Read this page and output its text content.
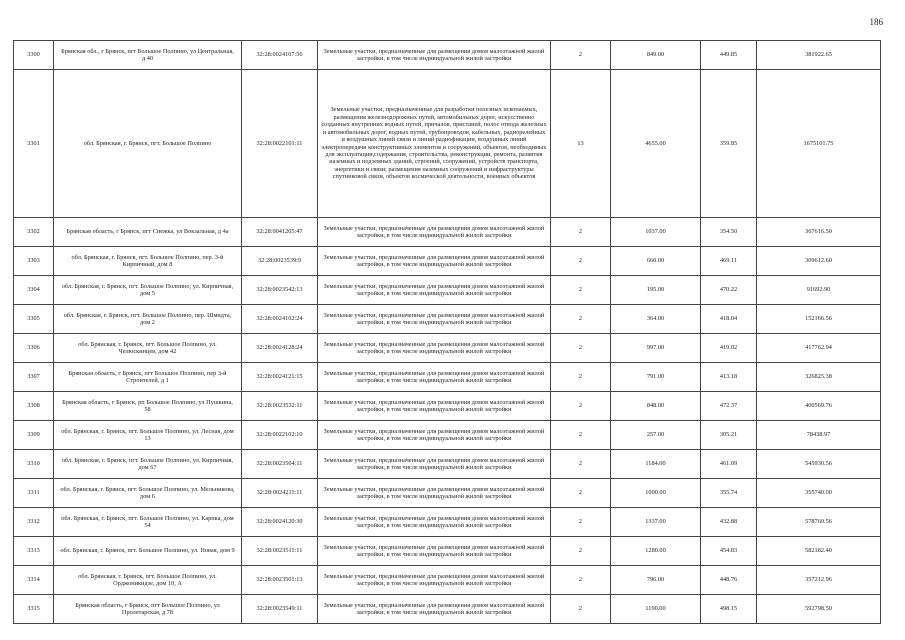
186
3300	Брянская обл., г Брянск, пгт Большое Полпино, ул Центральная, д 40	32:28:0024107:56	Земельные участки, предназначенные для размещения домов малоэтажной жилой застройки, в том числе индивидуальной жилой застройки	2	849.00	449.85	381922.65
3301	обл. Брянская, г. Брянск, пгт. Большое Полпино	32:28:0022101:11	Земельные участки, предназначенные для разработки полезных ископаемых, размещения железнодорожных путей, автомобильных дорог, искусственно созданных внутренних водных путей, причалов, пристаней, полос отвода железных и автомобильных дорог, водных путей, трубопроводов, кабельных, радиорелейных и воздушных линий связи и линий радиофикации, воздушных линий электропередачи конструктивных элементов и сооружений, объектов, необходимых для эксплуатации,содержания, строительства, реконструкции, ремонта, развития наземных и подземных зданий, строений, сооружений, устройств транспорта, энергетики и связи; размещения наземных сооружений и инфраструктуры спутниковой связи, объектов космической деятельности, военных объектов	13	4655.00	359.85	1675101.75
3302	Брянская область, г Брянск, пгт Снежка, ул Вокзальная, д 4а	32:28:0041205:47	Земельные участки, предназначенные для размещения домов малоэтажной жилой застройки, в том числе индивидуальной жилой застройки	2	1037.00	354.50	367616.50
3303	обл. Брянская, г. Брянск, пгт. Большое Полпино, пер. 3-й Кирпичный, дом 8	32:28:0023539:9	Земельные участки, предназначенные для размещения домов малоэтажной жилой застройки, в том числе индивидуальной жилой застройки	2	660.00	469.11	309612.60
3304	обл. Брянская, г. Брянск, пгт. Большое Полпино, ул. Кирпичная, дом 5	32:28:0023542:13	Земельные участки, предназначенные для размещения домов малоэтажной жилой застройки, в том числе индивидуальной жилой застройки	2	195.00	470.22	91692.90
3305	обл. Брянская, г. Брянск, пгт. Большое Полпино, пер. Шмидта, дом 2	32:28:0024102:24	Земельные участки, предназначенные для размещения домов малоэтажной жилой застройки, в том числе индивидуальной жилой застройки	2	364.00	418.04	152166.56
3306	обл. Брянская, г. Брянск, пгт. Большое Полпино, ул. Челюскинцев, дом 42	32:28:0024128:24	Земельные участки, предназначенные для размещения домов малоэтажной жилой застройки, в том числе индивидуальной жилой застройки	2	997.00	419.02	417762.94
3307	Брянская область, г Брянск, пгт Большое Полпино, пер 3-й Строителей, д 1	32:28:0024121:15	Земельные участки, предназначенные для размещения домов малоэтажной жилой застройки, в том числе индивидуальной жилой застройки	2	791.00	413.18	326825.38
3308	Брянская область, г Брянск, рп Большое Полпино, ул Пушкина, 58	32:28:0023532:11	Земельные участки, предназначенные для размещения домов малоэтажной жилой застройки, в том числе индивидуальной жилой застройки	2	848.00	472.37	400569.76
3309	обл. Брянская, г. Брянск, пгт. Большое Полпино, ул. Лесная, дом 13	32:28:0022102:10	Земельные участки, предназначенные для размещения домов малоэтажной жилой застройки, в том числе индивидуальной жилой застройки	2	257.00	305.21	78438.97
3310	обл. Брянская, г. Брянск, пгт. Большое Полпино, ул. Кирпичная, дом 67	32:28:0023504:11	Земельные участки, предназначенные для размещения домов малоэтажной жилой застройки, в том числе индивидуальной жилой застройки	2	1184.00	461.09	545930.56
3311	обл. Брянская, г. Брянск, пгт. Большое Полпино, ул. Мельникова, дом 6	32:28:0024211:11	Земельные участки, предназначенные для размещения домов малоэтажной жилой застройки, в том числе индивидуальной жилой застройки	2	1000.00	355.74	355740.00
3312	обл. Брянская, г. Брянск, пгт. Большое Полпино, ул. Карпка, дом 54	32:28:0024120:30	Земельные участки, предназначенные для размещения домов малоэтажной жилой застройки, в том числе индивидуальной жилой застройки	2	1337.00	432.88	578760.56
3313	обл. Брянская, г. Брянск, пгт. Большое Полпино, ул. Новая, дом 9	32:28:0023511:11	Земельные участки, предназначенные для размещения домов малоэтажной жилой застройки, в том числе индивидуальной жилой застройки	2	1280.00	454.83	582182.40
3314	обл. Брянская, г. Брянск, пгт. Большое Полпино, ул. Орджоникидзе, дом 10, А	32:28:0023501:13	Земельные участки, предназначенные для размещения домов малоэтажной жилой застройки, в том числе индивидуальной жилой застройки	2	796.00	448.76	357212.96
3315	Брянская область, г Брянск, пгт Большое Полпино, ул Пролетарская, д 78	32:28:0023549:11	Земельные участки, предназначенные для размещения домов малоэтажной жилой застройки, в том числе индивидуальной жилой застройки	2	1190.00	498.15	592798.50
